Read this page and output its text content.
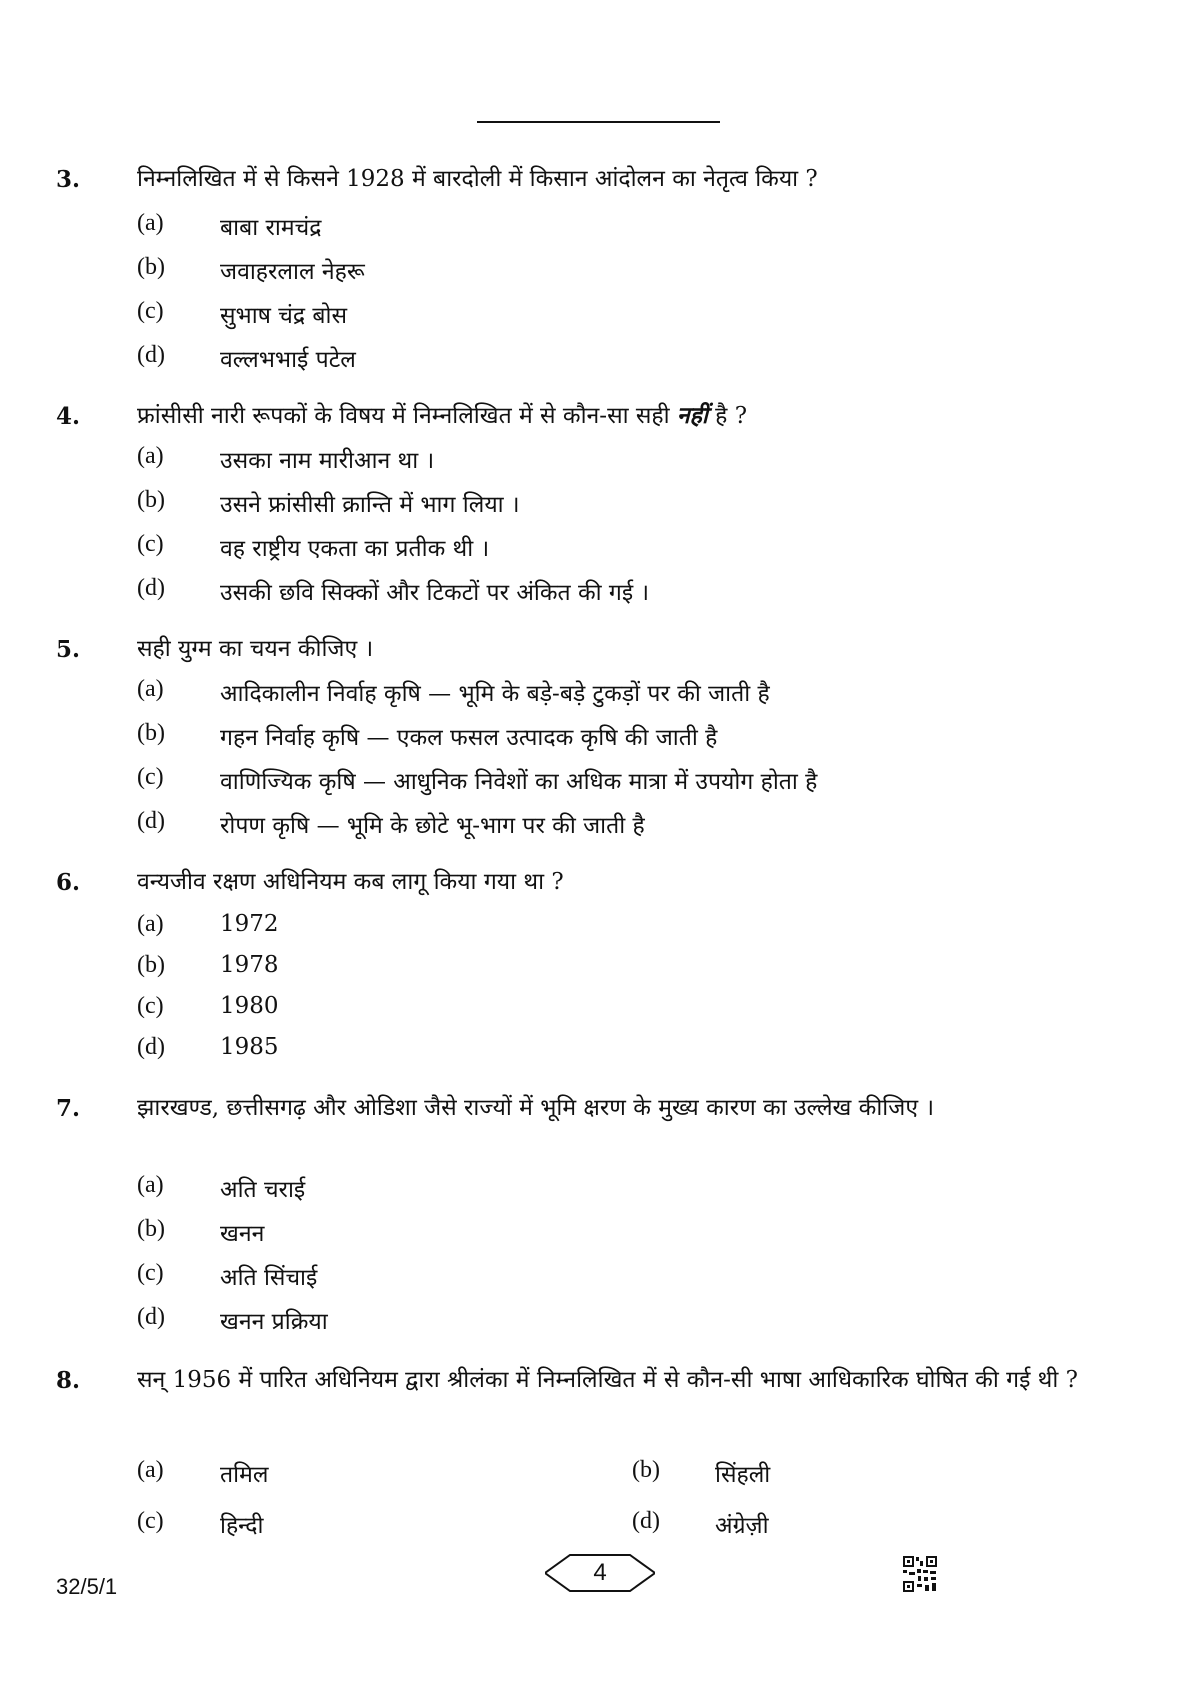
3. निम्नलिखित में से किसने 1928 में बारदोली में किसान आंदोलन का नेतृत्व किया ?
(a) बाबा रामचंद्र
(b) जवाहरलाल नेहरू
(c) सुभाष चंद्र बोस
(d) वल्लभभाई पटेल
4. फ्रांसीसी नारी रूपकों के विषय में निम्नलिखित में से कौन-सा सही नहीं है ?
(a) उसका नाम मारीआन था ।
(b) उसने फ्रांसीसी क्रान्ति में भाग लिया ।
(c) वह राष्ट्रीय एकता का प्रतीक थी ।
(d) उसकी छवि सिक्कों और टिकटों पर अंकित की गई ।
5. सही युग्म का चयन कीजिए ।
(a) आदिकालीन निर्वाह कृषि — भूमि के बड़े-बड़े टुकड़ों पर की जाती है
(b) गहन निर्वाह कृषि — एकल फसल उत्पादक कृषि की जाती है
(c) वाणिज्यिक कृषि — आधुनिक निवेशों का अधिक मात्रा में उपयोग होता है
(d) रोपण कृषि — भूमि के छोटे भू-भाग पर की जाती है
6. वन्यजीव रक्षण अधिनियम कब लागू किया गया था ?
(a) 1972
(b) 1978
(c) 1980
(d) 1985
7. झारखण्ड, छत्तीसगढ़ और ओडिशा जैसे राज्यों में भूमि क्षरण के मुख्य कारण का उल्लेख कीजिए ।
(a) अति चराई
(b) खनन
(c) अति सिंचाई
(d) खनन प्रक्रिया
8. सन् 1956 में पारित अधिनियम द्वारा श्रीलंका में निम्नलिखित में से कौन-सी भाषा आधिकारिक घोषित की गई थी ?
(a) तमिल	(b) सिंहली
(c) हिन्दी	(d) अंग्रेज़ी
32/5/1
4
